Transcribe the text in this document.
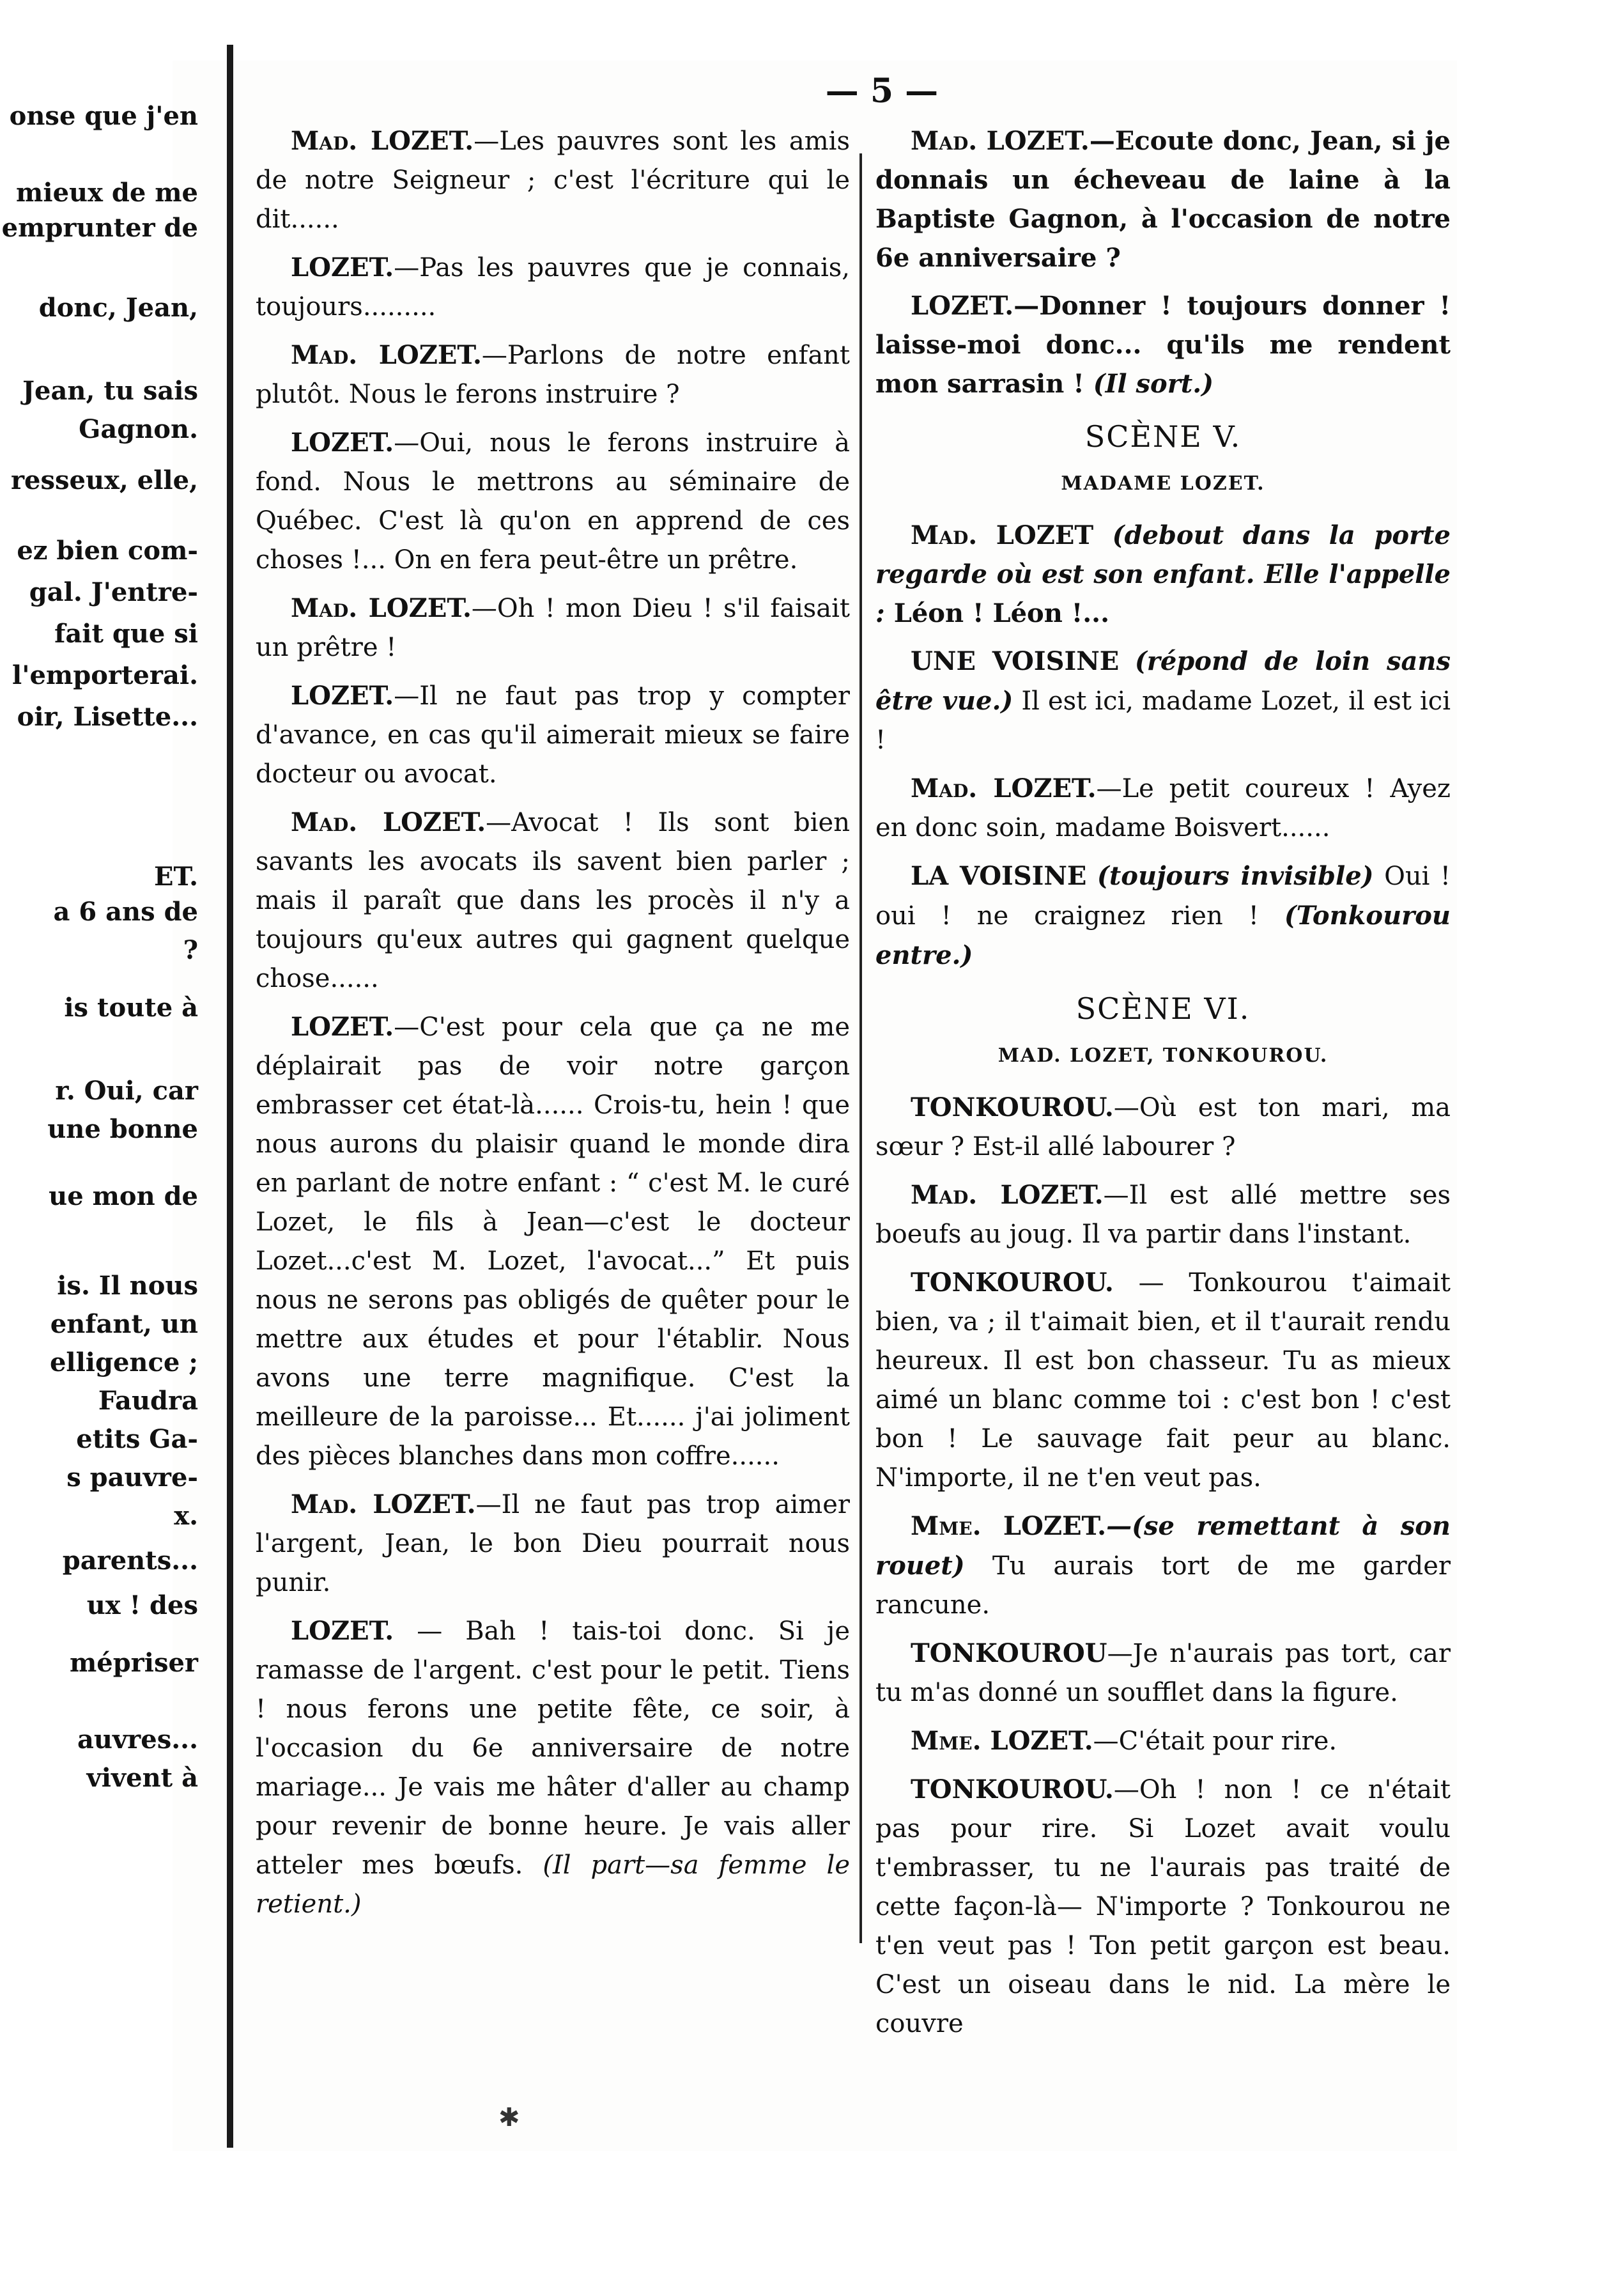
onse que j'en
mieux de me
emprunter de
donc, Jean,
Jean, tu sais
Gagnon.
resseux, elle,
ez bien com-
gal. J'entre-
fait que si
l'emporterai.
oir, Lisette...
ET.
a 6 ans de
?
is toute à
r. Oui, car
une bonne
ue mon de
is. Il nous
enfant, un
elligence ;
Faudra
etits Ga-
s pauvre-
x.
parents...
ux ! des
mépriser
auvres...
vivent à
— 5 —

Mad. LOZET.—Les pauvres sont les amis de notre Seigneur ; c'est l'écriture qui le dit......

LOZET.—Pas les pauvres que je connais, toujours.........

Mad. LOZET.—Parlons de notre enfant plutôt. Nous le ferons instruire ?

LOZET.—Oui, nous le ferons instruire à fond. Nous le mettrons au séminaire de Québec. C'est là qu'on en apprend de ces choses !... On en fera peut-être un prêtre.

Mad. LOZET.—Oh ! mon Dieu ! s'il faisait un prêtre !

LOZET.—Il ne faut pas trop y compter d'avance, en cas qu'il aimerait mieux se faire docteur ou avocat.

Mad. LOZET.—Avocat ! Ils sont bien savants les avocats ils savent bien parler ; mais il paraît que dans les procès il n'y a toujours qu'eux autres qui gagnent quelque chose......

LOZET.—C'est pour cela que ça ne me déplairait pas de voir notre garçon embrasser cet état-là...... Crois-tu, hein ! que nous aurons du plaisir quand le monde dira en parlant de notre enfant : “ c'est M. le curé Lozet, le fils à Jean—c'est le docteur Lozet...c'est M. Lozet, l'avocat...” Et puis nous ne serons pas obligés de quêter pour le mettre aux études et pour l'établir. Nous avons une terre magnifique. C'est la meilleure de la paroisse... Et...... j'ai joliment des pièces blanches dans mon coffre......

Mad. LOZET.—Il ne faut pas trop aimer l'argent, Jean, le bon Dieu pourrait nous punir.

LOZET. — Bah ! tais-toi donc. Si je ramasse de l'argent. c'est pour le petit. Tiens ! nous ferons une petite fête, ce soir, à l'occasion du 6e anniversaire de notre mariage... Je vais me hâter d'aller au champ pour revenir de bonne heure. Je vais aller atteler mes bœufs. (Il part—sa femme le retient.)

Mad. LOZET.—Ecoute donc, Jean, si je donnais un écheveau de laine à la Baptiste Gagnon, à l'occasion de notre 6e anniversaire ?

LOZET.—Donner ! toujours donner ! laisse-moi donc... qu'ils me rendent mon sarrasin ! (Il sort.)

SCÈNE V.

MADAME LOZET.

Mad. LOZET (debout dans la porte regarde où est son enfant. Elle l'appelle : Léon ! Léon !...

UNE VOISINE (répond de loin sans être vue.) Il est ici, madame Lozet, il est ici !

Mad. LOZET.—Le petit coureux ! Ayez en donc soin, madame Boisvert......

LA VOISINE (toujours invisible) Oui ! oui ! ne craignez rien ! (Tonkourou entre.)

SCÈNE VI.

MAD. LOZET, TONKOUROU.

TONKOUROU.—Où est ton mari, ma sœur ? Est-il allé labourer ?

Mad. LOZET.—Il est allé mettre ses boeufs au joug. Il va partir dans l'instant.

TONKOUROU. — Tonkourou t'aimait bien, va ; il t'aimait bien, et il t'aurait rendu heureux. Il est bon chasseur. Tu as mieux aimé un blanc comme toi : c'est bon ! c'est bon ! Le sauvage fait peur au blanc. N'importe, il ne t'en veut pas.

Mme. LOZET.—(se remettant à son rouet) Tu aurais tort de me garder rancune.

TONKOUROU—Je n'aurais pas tort, car tu m'as donné un soufflet dans la figure.

Mme. LOZET.—C'était pour rire.

TONKOUROU.—Oh ! non ! ce n'était pas pour rire. Si Lozet avait voulu t'embrasser, tu ne l'aurais pas traité de cette façon-là— N'importe ? Tonkourou ne t'en veut pas ! Ton petit garçon est beau. C'est un oiseau dans le nid. La mère le couvre

✱
